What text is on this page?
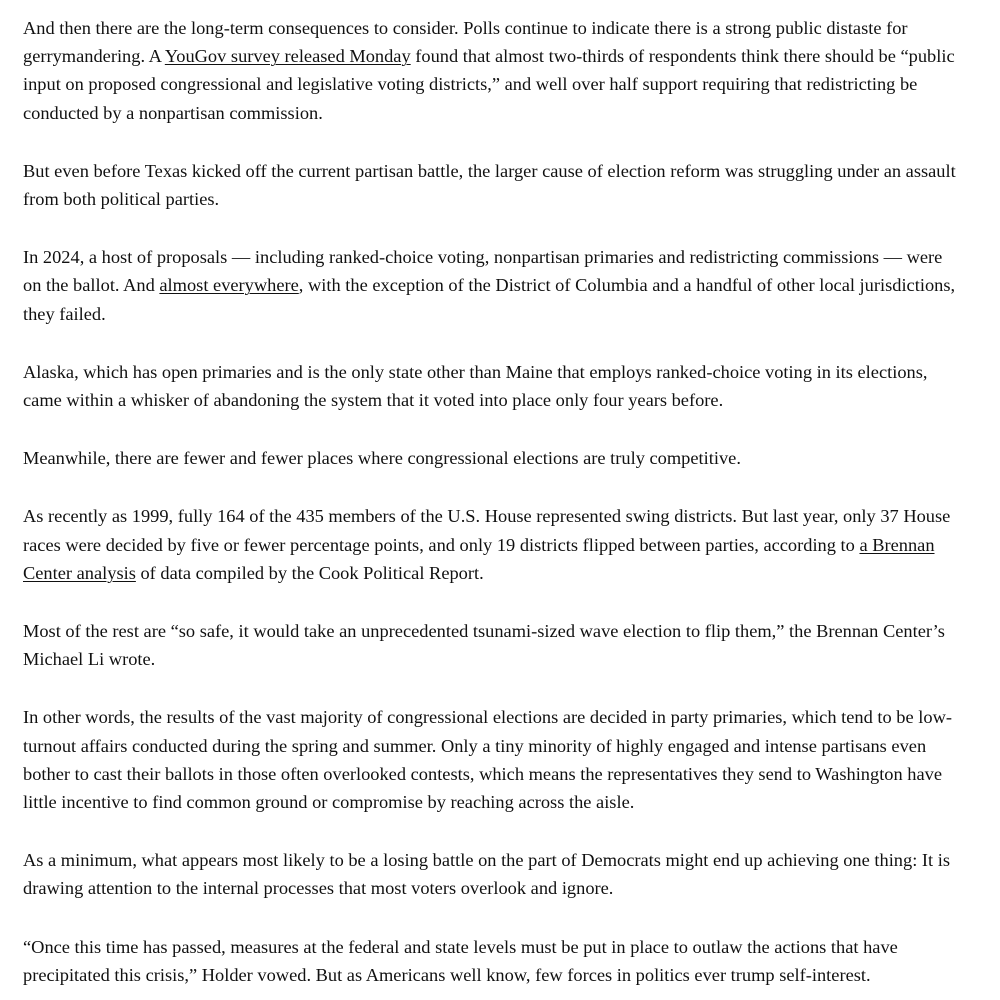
And then there are the long-term consequences to consider. Polls continue to indicate there is a strong public distaste for gerrymandering. A YouGov survey released Monday found that almost two-thirds of respondents think there should be “public input on proposed congressional and legislative voting districts,” and well over half support requiring that redistricting be conducted by a nonpartisan commission.

But even before Texas kicked off the current partisan battle, the larger cause of election reform was struggling under an assault from both political parties.

In 2024, a host of proposals — including ranked-choice voting, nonpartisan primaries and redistricting commissions — were on the ballot. And almost everywhere, with the exception of the District of Columbia and a handful of other local jurisdictions, they failed.

Alaska, which has open primaries and is the only state other than Maine that employs ranked-choice voting in its elections, came within a whisker of abandoning the system that it voted into place only four years before.

Meanwhile, there are fewer and fewer places where congressional elections are truly competitive.

As recently as 1999, fully 164 of the 435 members of the U.S. House represented swing districts. But last year, only 37 House races were decided by five or fewer percentage points, and only 19 districts flipped between parties, according to a Brennan Center analysis of data compiled by the Cook Political Report.

Most of the rest are “so safe, it would take an unprecedented tsunami-sized wave election to flip them,” the Brennan Center’s Michael Li wrote.

In other words, the results of the vast majority of congressional elections are decided in party primaries, which tend to be low-turnout affairs conducted during the spring and summer. Only a tiny minority of highly engaged and intense partisans even bother to cast their ballots in those often overlooked contests, which means the representatives they send to Washington have little incentive to find common ground or compromise by reaching across the aisle.

As a minimum, what appears most likely to be a losing battle on the part of Democrats might end up achieving one thing: It is drawing attention to the internal processes that most voters overlook and ignore.

“Once this time has passed, measures at the federal and state levels must be put in place to outlaw the actions that have precipitated this crisis,” Holder vowed. But as Americans well know, few forces in politics ever trump self-interest.
